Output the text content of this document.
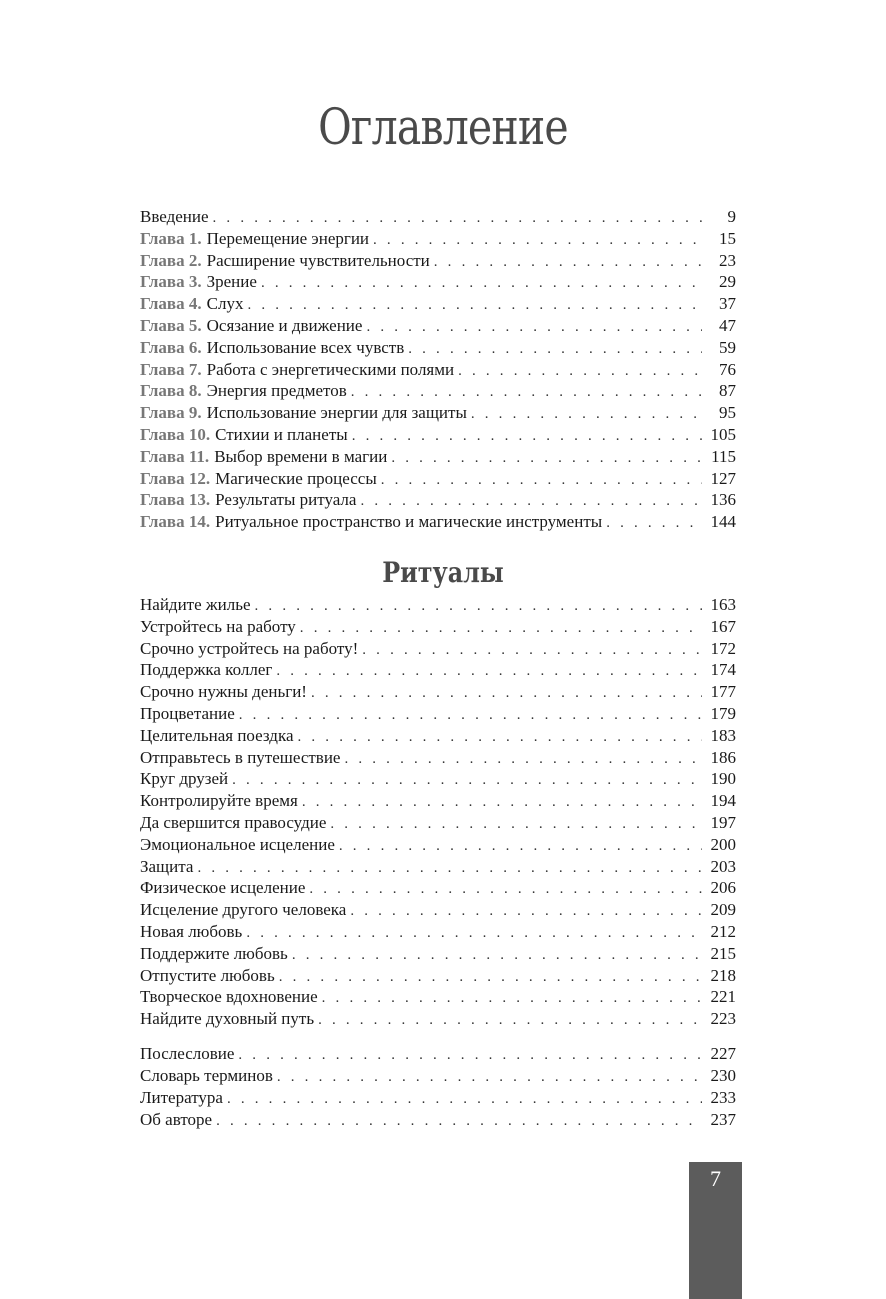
Оглавление
Введение . . .	9
Глава 1. Перемещение энергии . . .	15
Глава 2. Расширение чувствительности . . .	23
Глава 3. Зрение . . .	29
Глава 4. Слух . . .	37
Глава 5. Осязание и движение . . .	47
Глава 6. Использование всех чувств . . .	59
Глава 7. Работа с энергетическими полями . . .	76
Глава 8. Энергия предметов . . .	87
Глава 9. Использование энергии для защиты . . .	95
Глава 10. Стихии и планеты . . .	105
Глава 11. Выбор времени в магии . . .	115
Глава 12. Магические процессы . . .	127
Глава 13. Результаты ритуала . . .	136
Глава 14. Ритуальное пространство и магические инструменты . . .	144
Ритуалы
Найдите жилье . . .	163
Устройтесь на работу . . .	167
Срочно устройтесь на работу! . . .	172
Поддержка коллег . . .	174
Срочно нужны деньги! . . .	177
Процветание . . .	179
Целительная поездка . . .	183
Отправьтесь в путешествие . . .	186
Круг друзей . . .	190
Контролируйте время . . .	194
Да свершится правосудие . . .	197
Эмоциональное исцеление . . .	200
Защита . . .	203
Физическое исцеление . . .	206
Исцеление другого человека . . .	209
Новая любовь . . .	212
Поддержите любовь . . .	215
Отпустите любовь . . .	218
Творческое вдохновение . . .	221
Найдите духовный путь . . .	223
Послесловие . . .	227
Словарь терминов . . .	230
Литература . . .	233
Об авторе . . .	237
7
